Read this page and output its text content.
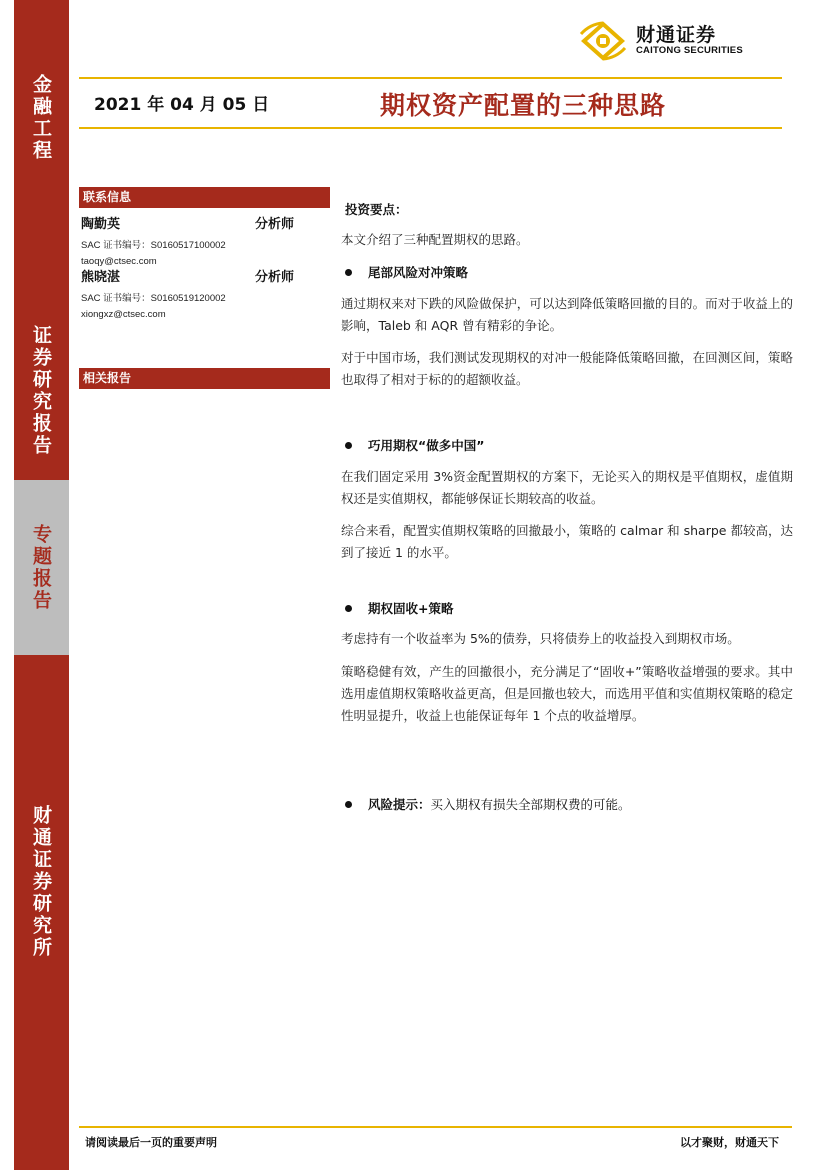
金融工程
证券研究报告
专题报告
财通证券研究所
财通证券
CAITONG SECURITIES
2021 年 04 月 05 日	期权资产配置的三种思路
联系信息
陶勤英	分析师
SAC 证书编号：S0160517100002
taoqy@ctsec.com
熊晓湛	分析师
SAC 证书编号：S0160519120002
xiongxz@ctsec.com
相关报告
投资要点：
本文介绍了三种配置期权的思路。
尾部风险对冲策略
通过期权来对下跌的风险做保护，可以达到降低策略回撤的目的。而对于收益上的影响，Taleb 和 AQR 曾有精彩的争论。
对于中国市场，我们测试发现期权的对冲一般能降低策略回撤，在回测区间，策略也取得了相对于标的的超额收益。
巧用期权“做多中国”
在我们固定采用 3%资金配置期权的方案下，无论买入的期权是平值期权，虚值期权还是实值期权，都能够保证长期较高的收益。
综合来看，配置实值期权策略的回撤最小，策略的 calmar 和 sharpe 都较高，达到了接近 1 的水平。
期权固收+策略
考虑持有一个收益率为 5%的债券，只将债券上的收益投入到期权市场。
策略稳健有效，产生的回撤很小，充分满足了“固收+”策略收益增强的要求。其中选用虚值期权策略收益更高，但是回撤也较大，而选用平值和实值期权策略的稳定性明显提升，收益上也能保证每年 1 个点的收益增厚。
风险提示： 买入期权有损失全部期权费的可能。
请阅读最后一页的重要声明	以才聚财，财通天下
